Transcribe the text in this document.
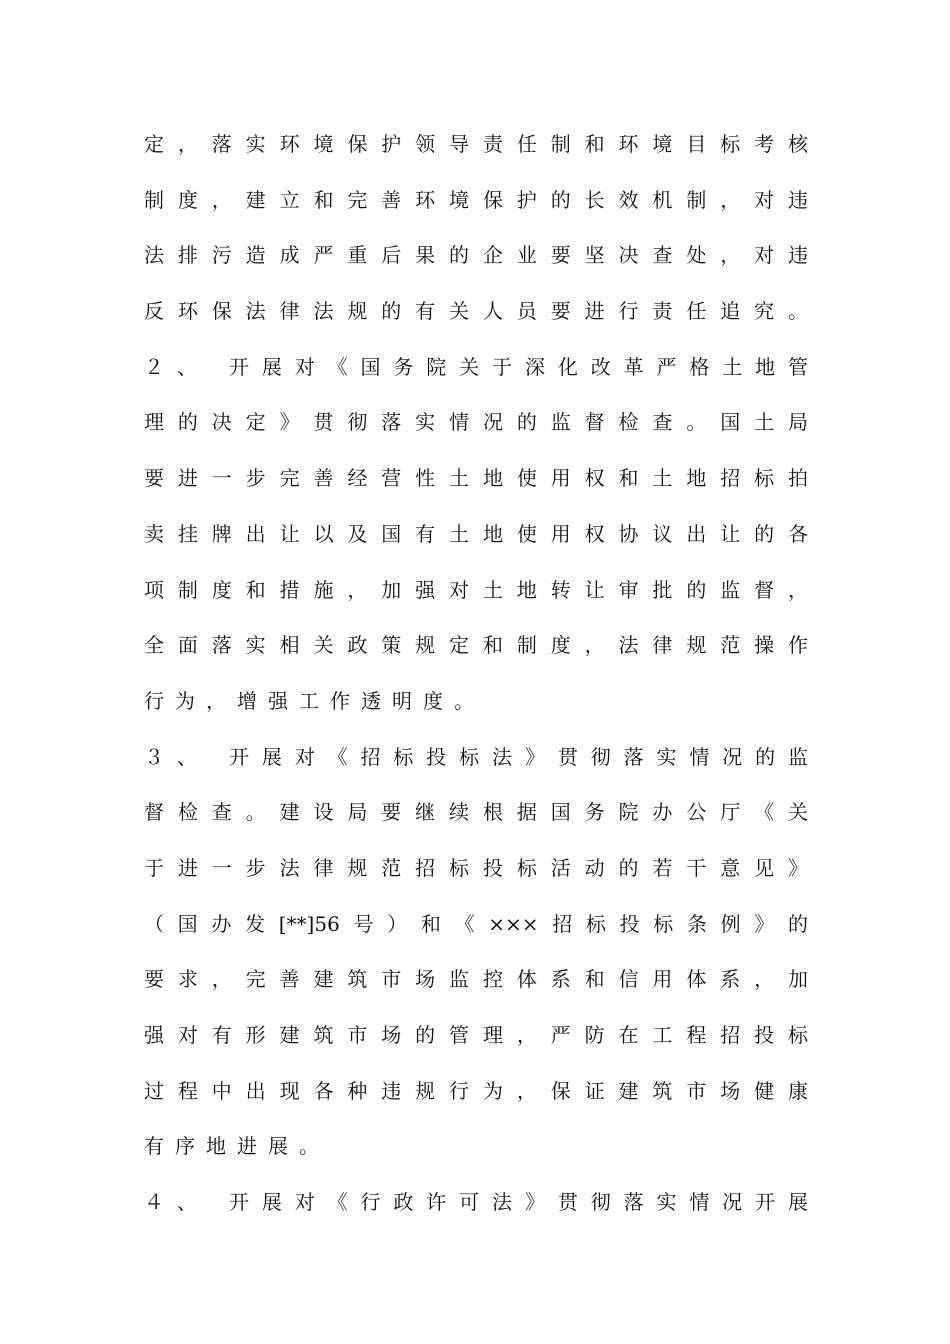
定，落实环境保护领导责任制和环境目标考核
制度，建立和完善环境保护的长效机制，对违
法排污造成严重后果的企业要坚决查处，对违
反环保法律法规的有关人员要进行责任追究。
２、 开展对《国务院关于深化改革严格土地管
理的决定》贯彻落实情况的监督检查。国土局
要进一步完善经营性土地使用权和土地招标拍
卖挂牌出让以及国有土地使用权协议出让的各
项制度和措施，加强对土地转让审批的监督，
全面落实相关政策规定和制度，法律规范操作
行为，增强工作透明度。
３、 开展对《招标投标法》贯彻落实情况的监
督检查。建设局要继续根据国务院办公厅《关
于进一步法律规范招标投标活动的若干意见》
（国办发[**]56号）和《×××招标投标条例》的
要求，完善建筑市场监控体系和信用体系，加
强对有形建筑市场的管理，严防在工程招投标
过程中出现各种违规行为，保证建筑市场健康
有序地进展。
４、 开展对《行政许可法》贯彻落实情况开展
